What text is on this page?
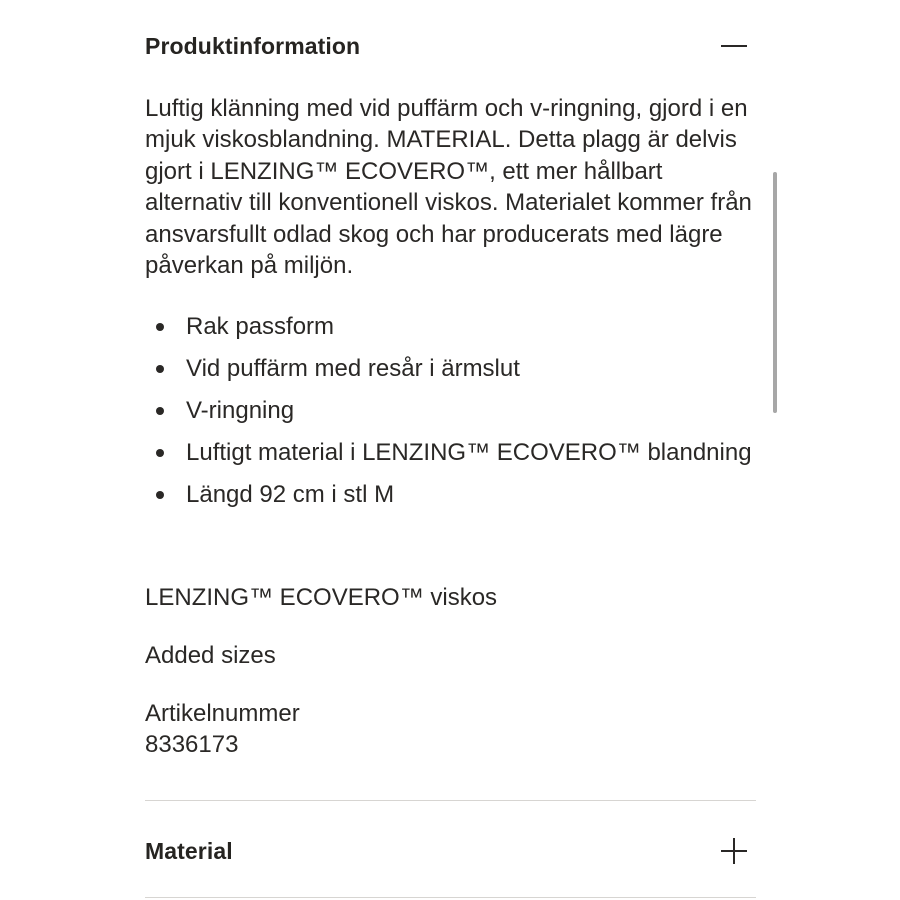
Produktinformation

Luftig klänning med vid puffärm och v-ringning, gjord i en mjuk viskosblandning. MATERIAL. Detta plagg är delvis gjort i LENZING™ ECOVERO™, ett mer hållbart alternativ till konventionell viskos. Materialet kommer från ansvarsfullt odlad skog och har producerats med lägre påverkan på miljön.

Rak passform
Vid puffärm med resår i ärmslut
V-ringning
Luftigt material i LENZING™ ECOVERO™ blandning
Längd 92 cm i stl M

LENZING™ ECOVERO™ viskos

Added sizes

Artikelnummer

8336173

Material
